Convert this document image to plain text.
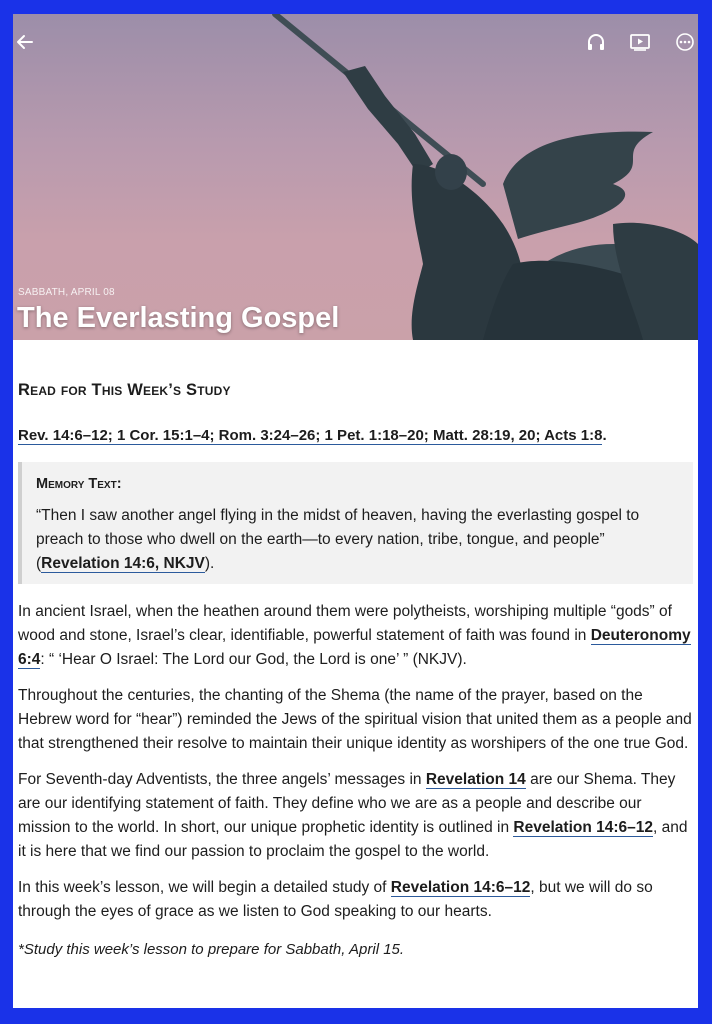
SABBATH, APRIL 08
The Everlasting Gospel
Read for This Week’s Study
Rev. 14:6–12; 1 Cor. 15:1–4; Rom. 3:24–26; 1 Pet. 1:18–20; Matt. 28:19, 20; Acts 1:8.
Memory Text:
“Then I saw another angel flying in the midst of heaven, having the everlasting gospel to preach to those who dwell on the earth—to every nation, tribe, tongue, and people” (Revelation 14:6, NKJV).

In ancient Israel, when the heathen around them were polytheists, worshiping multiple “gods” of wood and stone, Israel’s clear, identifiable, powerful statement of faith was found in Deuteronomy 6:4: “ ‘Hear O Israel: The Lord our God, the Lord is one’ ” (NKJV).

Throughout the centuries, the chanting of the Shema (the name of the prayer, based on the Hebrew word for “hear”) reminded the Jews of the spiritual vision that united them as a people and that strengthened their resolve to maintain their unique identity as worshipers of the one true God.

For Seventh-day Adventists, the three angels’ messages in Revelation 14 are our Shema. They are our identifying statement of faith. They define who we are as a people and describe our mission to the world. In short, our unique prophetic identity is outlined in Revelation 14:6–12, and it is here that we find our passion to proclaim the gospel to the world.

In this week’s lesson, we will begin a detailed study of Revelation 14:6–12, but we will do so through the eyes of grace as we listen to God speaking to our hearts.

*Study this week’s lesson to prepare for Sabbath, April 15.
